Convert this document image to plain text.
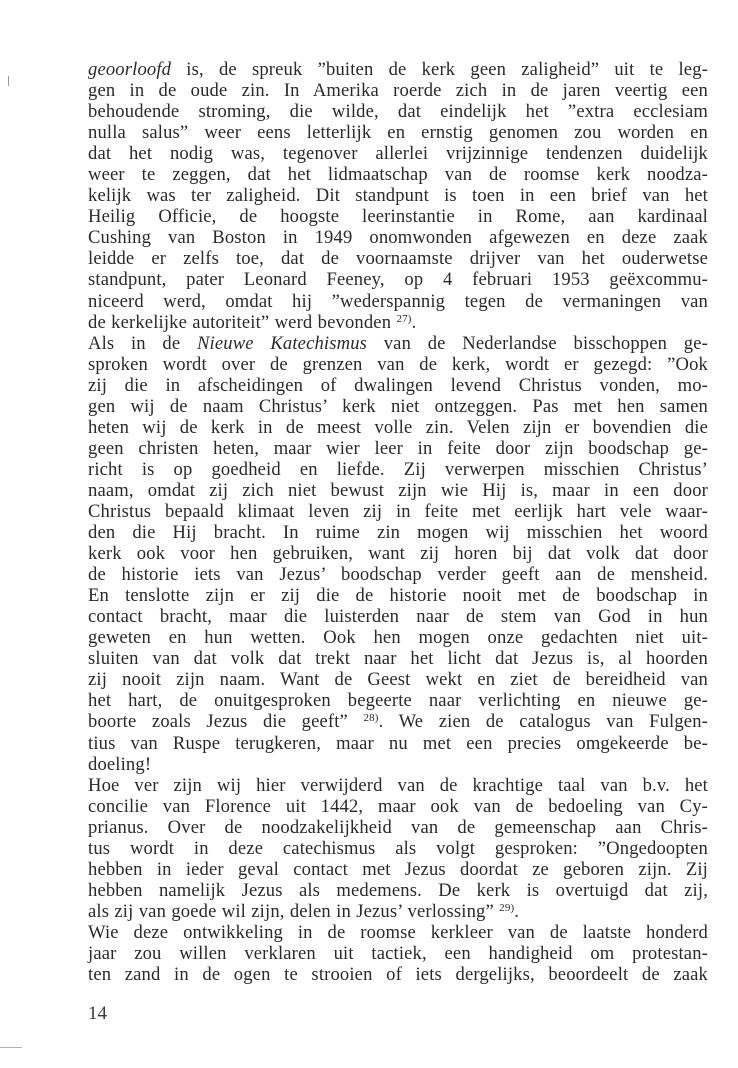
geoorloofd is, de spreuk ”buiten de kerk geen zaligheid” uit te leg-
gen in de oude zin. In Amerika roerde zich in de jaren veertig een
behoudende stroming, die wilde, dat eindelijk het ”extra ecclesiam
nulla salus” weer eens letterlijk en ernstig genomen zou worden en
dat het nodig was, tegenover allerlei vrijzinnige tendenzen duidelijk
weer te zeggen, dat het lidmaatschap van de roomse kerk noodza-
kelijk was ter zaligheid. Dit standpunt is toen in een brief van het
Heilig Officie, de hoogste leerinstantie in Rome, aan kardinaal
Cushing van Boston in 1949 onomwonden afgewezen en deze zaak
leidde er zelfs toe, dat de voornaamste drijver van het ouderwetse
standpunt, pater Leonard Feeney, op 4 februari 1953 geëxcommu-
niceerd werd, omdat hij ”wederspannig tegen de vermaningen van
de kerkelijke autoriteit” werd bevonden $^{27)}$.
Als in de Nieuwe Katechismus van de Nederlandse bisschoppen ge-
sproken wordt over de grenzen van de kerk, wordt er gezegd: ”Ook
zij die in afscheidingen of dwalingen levend Christus vonden, mo-
gen wij de naam Christus’ kerk niet ontzeggen. Pas met hen samen
heten wij de kerk in de meest volle zin. Velen zijn er bovendien die
geen christen heten, maar wier leer in feite door zijn boodschap ge-
richt is op goedheid en liefde. Zij verwerpen misschien Christus’
naam, omdat zij zich niet bewust zijn wie Hij is, maar in een door
Christus bepaald klimaat leven zij in feite met eerlijk hart vele waar-
den die Hij bracht. In ruime zin mogen wij misschien het woord
kerk ook voor hen gebruiken, want zij horen bij dat volk dat door
de historie iets van Jezus’ boodschap verder geeft aan de mensheid.
En tenslotte zijn er zij die de historie nooit met de boodschap in
contact bracht, maar die luisterden naar de stem van God in hun
geweten en hun wetten. Ook hen mogen onze gedachten niet uit-
sluiten van dat volk dat trekt naar het licht dat Jezus is, al hoorden
zij nooit zijn naam. Want de Geest wekt en ziet de bereidheid van
het hart, de onuitgesproken begeerte naar verlichting en nieuwe ge-
boorte zoals Jezus die geeft” $^{28)}$. We zien de catalogus van Fulgen-
tius van Ruspe terugkeren, maar nu met een precies omgekeerde be-
doeling!
Hoe ver zijn wij hier verwijderd van de krachtige taal van b.v. het
concilie van Florence uit 1442, maar ook van de bedoeling van Cy-
prianus. Over de noodzakelijkheid van de gemeenschap aan Chris-
tus wordt in deze catechismus als volgt gesproken: ”Ongedoopten
hebben in ieder geval contact met Jezus doordat ze geboren zijn. Zij
hebben namelijk Jezus als medemens. De kerk is overtuigd dat zij,
als zij van goede wil zijn, delen in Jezus’ verlossing” $^{29)}$.
Wie deze ontwikkeling in de roomse kerkleer van de laatste honderd
jaar zou willen verklaren uit tactiek, een handigheid om protestan-
ten zand in de ogen te strooien of iets dergelijks, beoordeelt de zaak
14
